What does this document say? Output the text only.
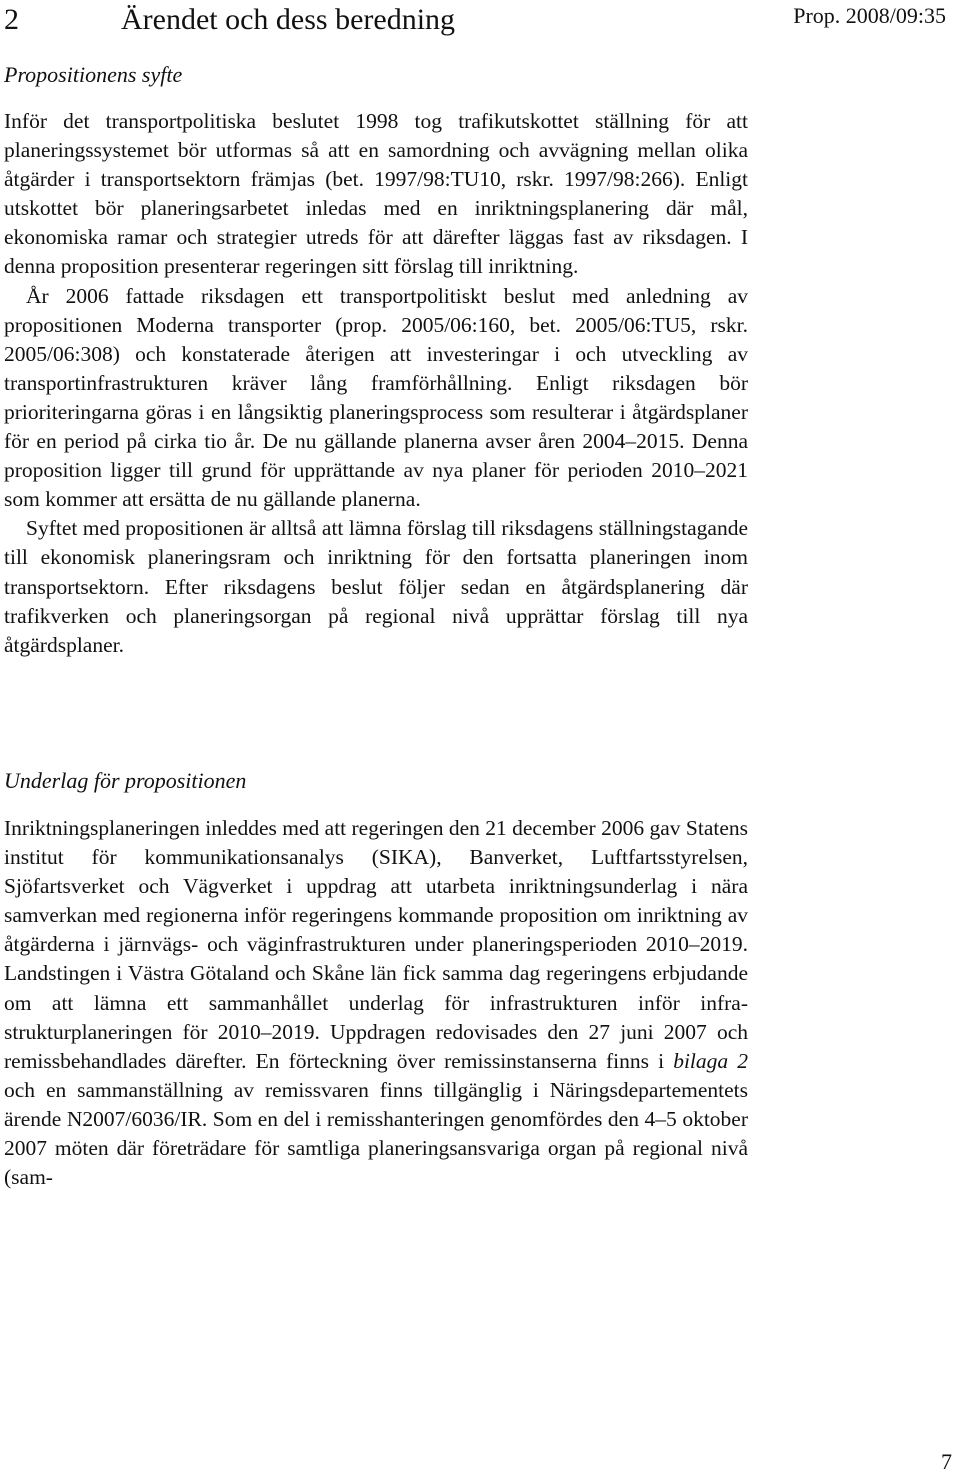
2	Ärendet och dess beredning	Prop. 2008/09:35
Propositionens syfte

Inför det transportpolitiska beslutet 1998 tog trafikutskottet ställning för att planeringssystemet bör utformas så att en samordning och avvägning mellan olika åtgärder i transportsektorn främjas (bet. 1997/98:TU10, rskr. 1997/98:266). Enligt utskottet bör planeringsarbetet inledas med en inriktningsplanering där mål, ekonomiska ramar och strategier utreds för att därefter läggas fast av riksdagen. I denna proposition presenterar regeringen sitt förslag till inriktning.

År 2006 fattade riksdagen ett transportpolitiskt beslut med anledning av propositionen Moderna transporter (prop. 2005/06:160, bet. 2005/06:TU5, rskr. 2005/06:308) och konstaterade återigen att investeringar i och utveckling av transportinfrastrukturen kräver lång framförhållning. Enligt riksdagen bör prioriteringarna göras i en långsiktig planeringsprocess som resulterar i åtgärdsplaner för en period på cirka tio år. De nu gällande planerna avser åren 2004–2015. Denna proposition ligger till grund för upprättande av nya planer för perioden 2010–2021 som kommer att ersätta de nu gällande planerna.

Syftet med propositionen är alltså att lämna förslag till riksdagens ställningstagande till ekonomisk planeringsram och inriktning för den fortsatta planeringen inom transportsektorn. Efter riksdagens beslut följer sedan en åtgärdsplanering där trafikverken och planeringsorgan på regional nivå upprättar förslag till nya åtgärdsplaner.

Underlag för propositionen

Inriktningsplaneringen inleddes med att regeringen den 21 december 2006 gav Statens institut för kommunikationsanalys (SIKA), Banverket, Luftfartsstyrelsen, Sjöfartsverket och Vägverket i uppdrag att utarbeta inriktningsunderlag i nära samverkan med regionerna inför regeringens kommande proposition om inriktning av åtgärderna i järnvägs- och väginfrastrukturen under planeringsperioden 2010–2019. Landstingen i Västra Götaland och Skåne län fick samma dag regeringens erbjudande om att lämna ett sammanhållet underlag för infrastrukturen inför infrastrukturplaneringen för 2010–2019. Uppdragen redovisades den 27 juni 2007 och remissbehandlades därefter. En förteckning över remissinstanserna finns i bilaga 2 och en sammanställning av remissvaren finns tillgänglig i Näringsdepartementets ärende N2007/6036/IR. Som en del i remisshanteringen genomfördes den 4–5 oktober 2007 möten där företrädare för samtliga planeringsansvariga organ på regional nivå (sam-

7
